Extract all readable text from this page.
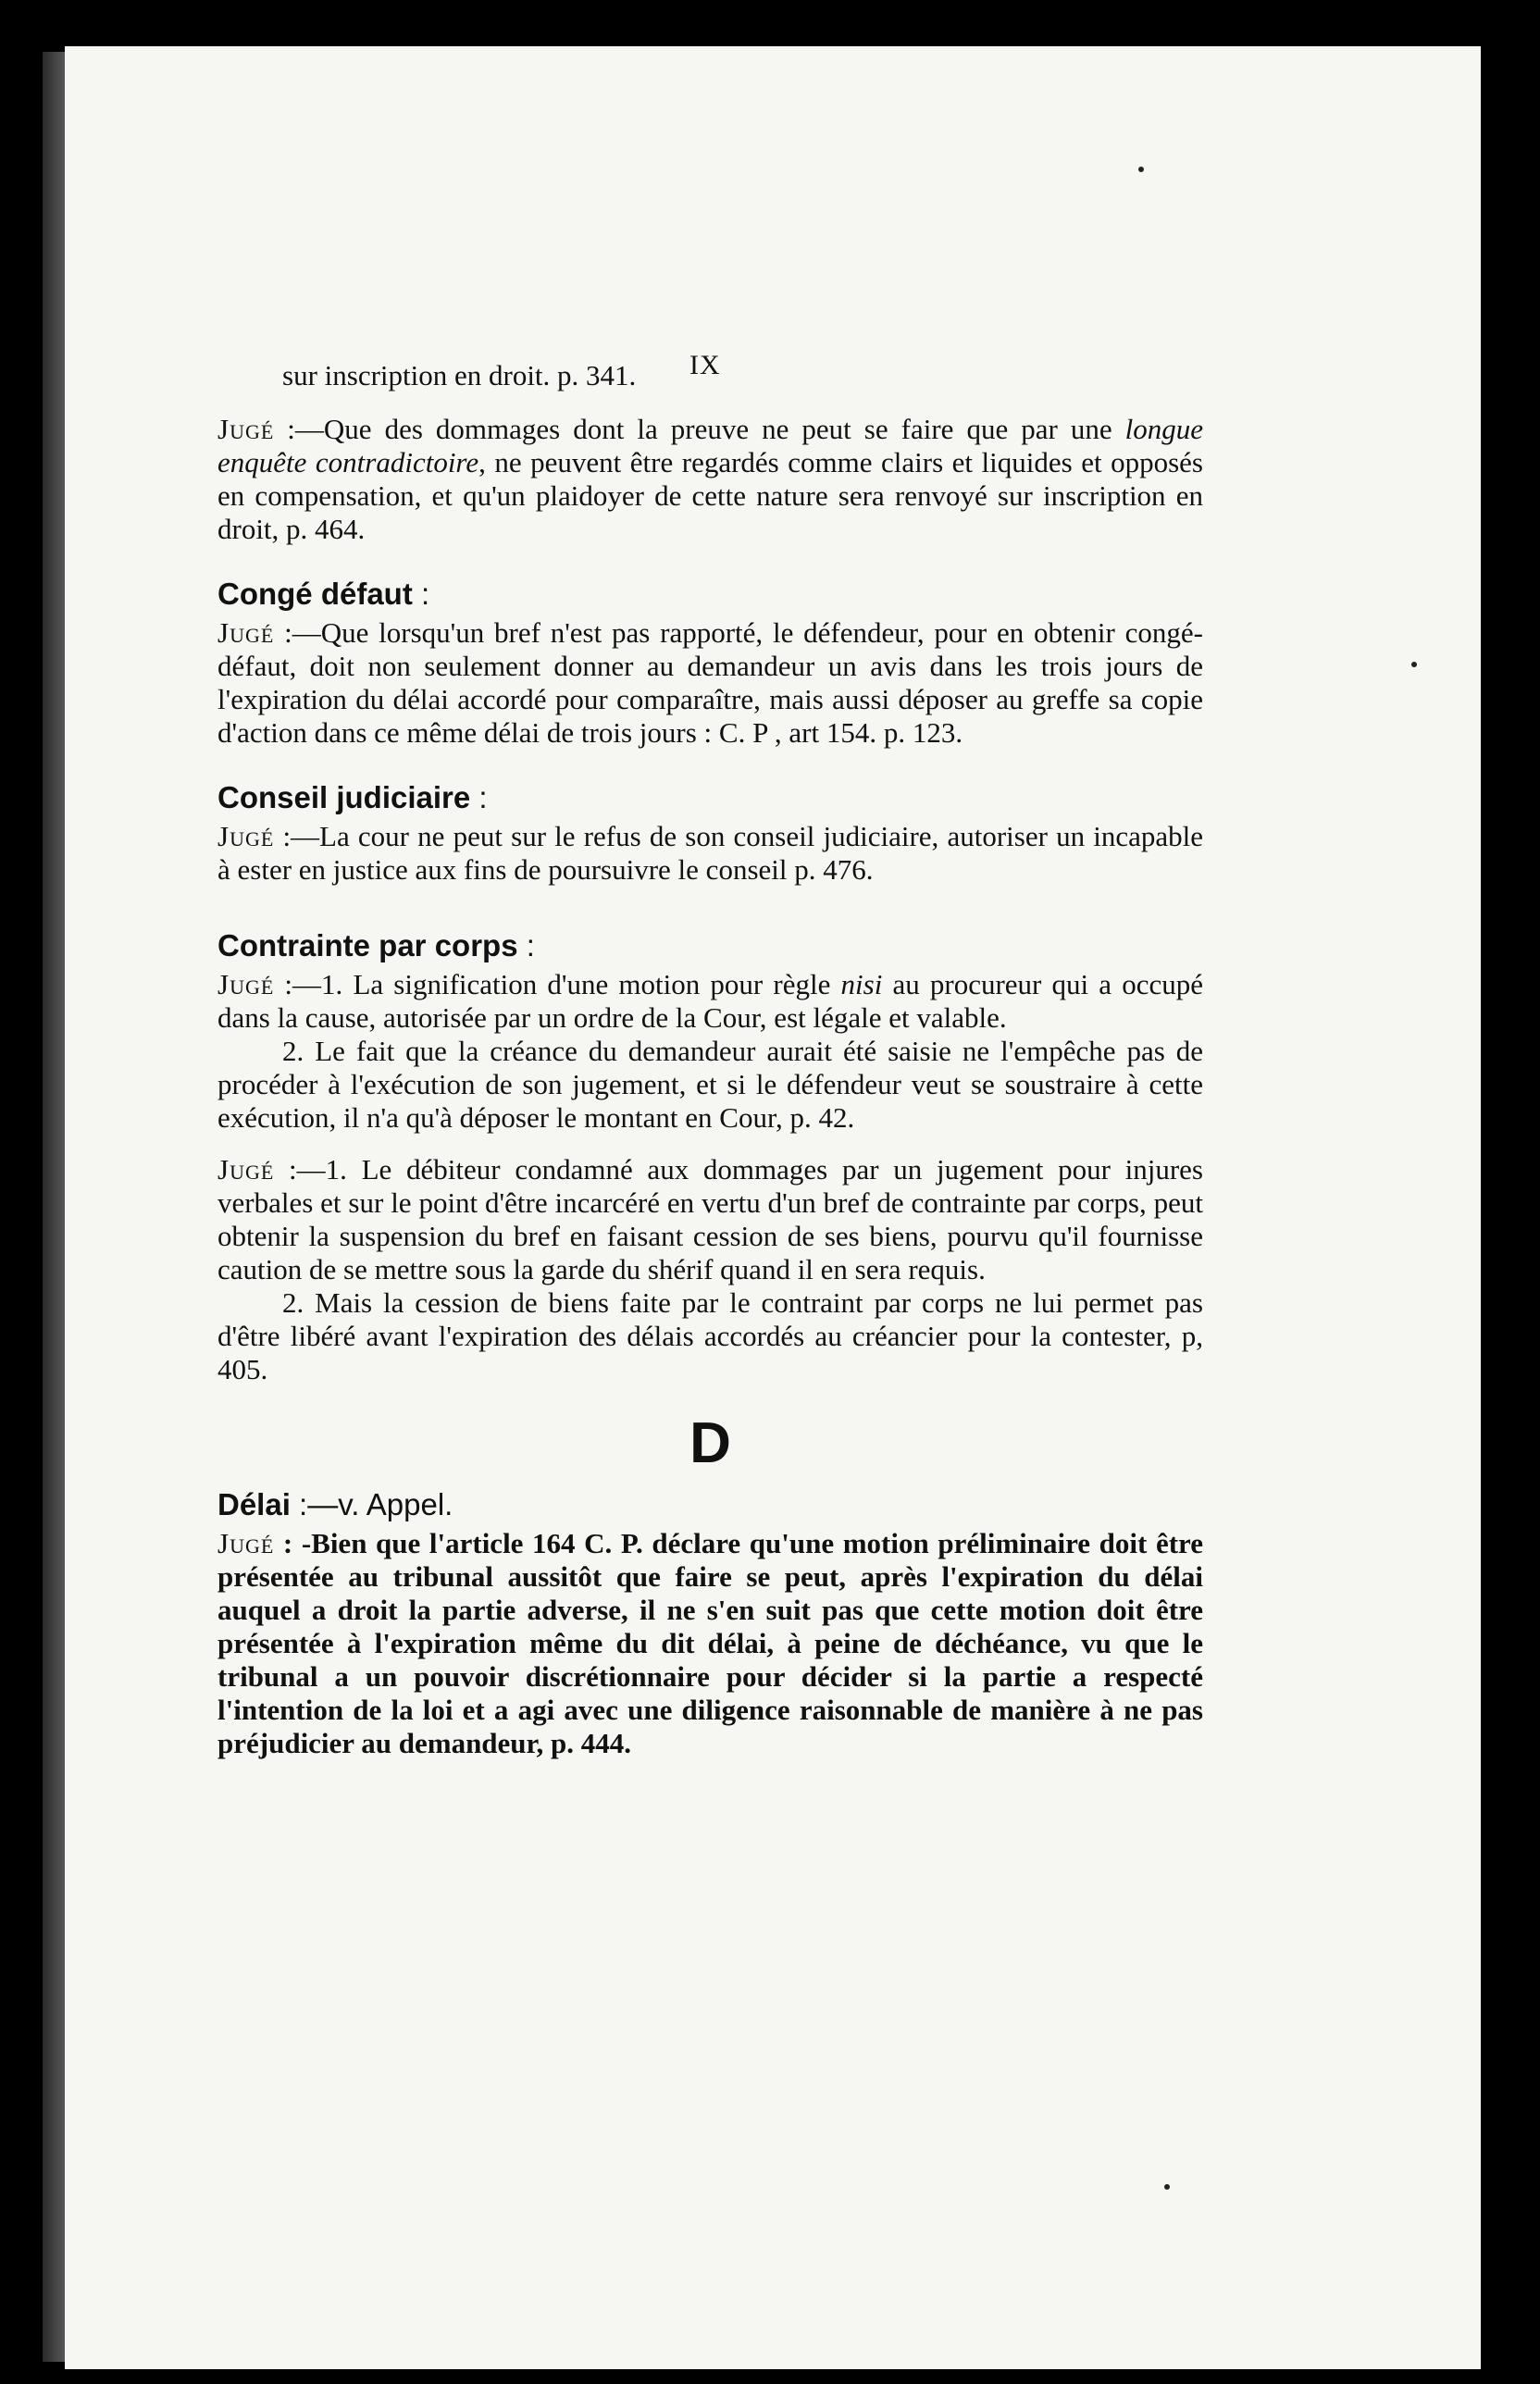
IX

sur inscription en droit. p. 341.

Jugé :—Que des dommages dont la preuve ne peut se faire que par une longue enquête contradictoire, ne peuvent être regardés comme clairs et liquides et opposés en compensation, et qu'un plaidoyer de cette nature sera renvoyé sur inscription en droit, p. 464.

Congé défaut :

Jugé :—Que lorsqu'un bref n'est pas rapporté, le défendeur, pour en obtenir congé-défaut, doit non seulement donner au demandeur un avis dans les trois jours de l'expiration du délai accordé pour comparaître, mais aussi déposer au greffe sa copie d'action dans ce même délai de trois jours : C. P , art 154. p. 123.

Conseil judiciaire :

Jugé :—La cour ne peut sur le refus de son conseil judiciaire, autoriser un incapable à ester en justice aux fins de poursuivre le conseil p. 476.

Contrainte par corps :

Jugé :—1. La signification d'une motion pour règle nisi au procureur qui a occupé dans la cause, autorisée par un ordre de la Cour, est légale et valable.

2. Le fait que la créance du demandeur aurait été saisie ne l'empêche pas de procéder à l'exécution de son jugement, et si le défendeur veut se soustraire à cette exécution, il n'a qu'à déposer le montant en Cour, p. 42.

Jugé :—1. Le débiteur condamné aux dommages par un jugement pour injures verbales et sur le point d'être incarcéré en vertu d'un bref de contrainte par corps, peut obtenir la suspension du bref en faisant cession de ses biens, pourvu qu'il fournisse caution de se mettre sous la garde du shérif quand il en sera requis.

2. Mais la cession de biens faite par le contraint par corps ne lui permet pas d'être libéré avant l'expiration des délais accordés au créancier pour la contester, p, 405.

D
Délai :—v. Appel.

Jugé : -Bien que l'article 164 C. P. déclare qu'une motion préliminaire doit être présentée au tribunal aussitôt que faire se peut, après l'expiration du délai auquel a droit la partie adverse, il ne s'en suit pas que cette motion doit être présentée à l'expiration même du dit délai, à peine de déchéance, vu que le tribunal a un pouvoir discrétionnaire pour décider si la partie a respecté l'intention de la loi et a agi avec une diligence raisonnable de manière à ne pas préjudicier au demandeur, p. 444.
